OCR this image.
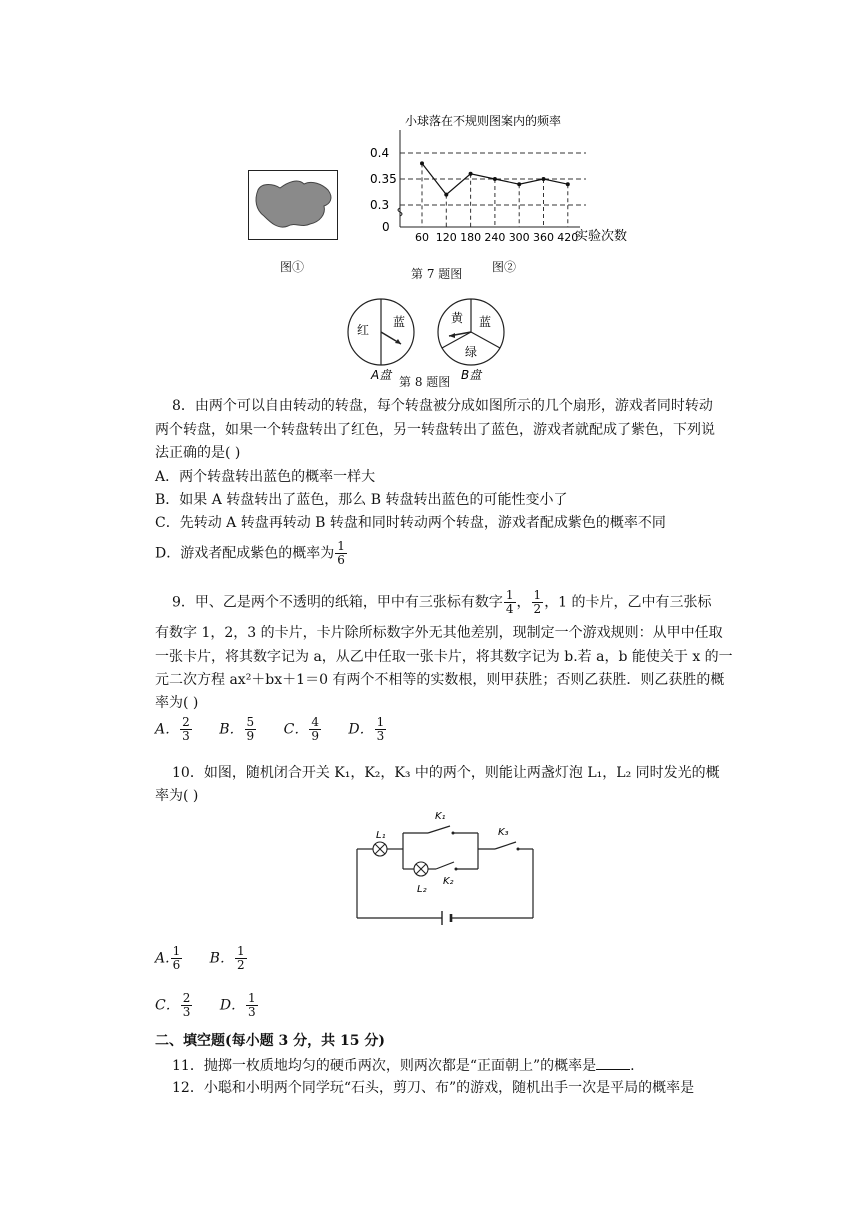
图①
小球落在不规则图案内的频率
实验次数
0.4
0.35
0.3
0
60 120 180 240 300 360 420
图②
第 7 题图
红
蓝	黄 蓝
绿
A盘	B盘
第 8 题图
8．由两个可以自由转动的转盘，每个转盘被分成如图所示的几个扇形，游戏者同时转动
两个转盘，如果一个转盘转出了红色，另一转盘转出了蓝色，游戏者就配成了紫色，下列说
法正确的是( )
A．两个转盘转出蓝色的概率一样大
B．如果 A 转盘转出了蓝色，那么 B 转盘转出蓝色的可能性变小了
C．先转动 A 转盘再转动 B 转盘和同时转动两个转盘，游戏者配成紫色的概率不同
D．游戏者配成紫色的概率为 $\frac{1}{6}$
9．甲、乙是两个不透明的纸箱，甲中有三张标有数字 $\frac{1}{4}$ ， $\frac{1}{2}$ ，1 的卡片，乙中有三张标
有数字 1，2，3 的卡片，卡片除所标数字外无其他差别，现制定一个游戏规则：从甲中任取
一张卡片，将其数字记为 a，从乙中任取一张卡片，将其数字记为 b.若 a，b 能使关于 x 的一
元二次方程 ax²＋bx＋1＝0 有两个不相等的实数根，则甲获胜；否则乙获胜．则乙获胜的概
率为( )
A． $\frac{2}{3}$ B． $\frac{5}{9}$ C． $\frac{4}{9}$ D． $\frac{1}{3}$
10．如图，随机闭合开关 K₁，K₂，K₃ 中的两个，则能让两盏灯泡 L₁，L₂ 同时发光的概
率为( )
L₁
L₂
K₁
K₂
K₃
A. $\frac{1}{6}$ B． $\frac{1}{2}$
C． $\frac{2}{3}$ D． $\frac{1}{3}$
二、填空题(每小题 3 分，共 15 分)
11．抛掷一枚质地均匀的硬币两次，则两次都是“正面朝上”的概率是 .
12．小聪和小明两个同学玩“石头，剪刀、布”的游戏，随机出手一次是平局的概率是
